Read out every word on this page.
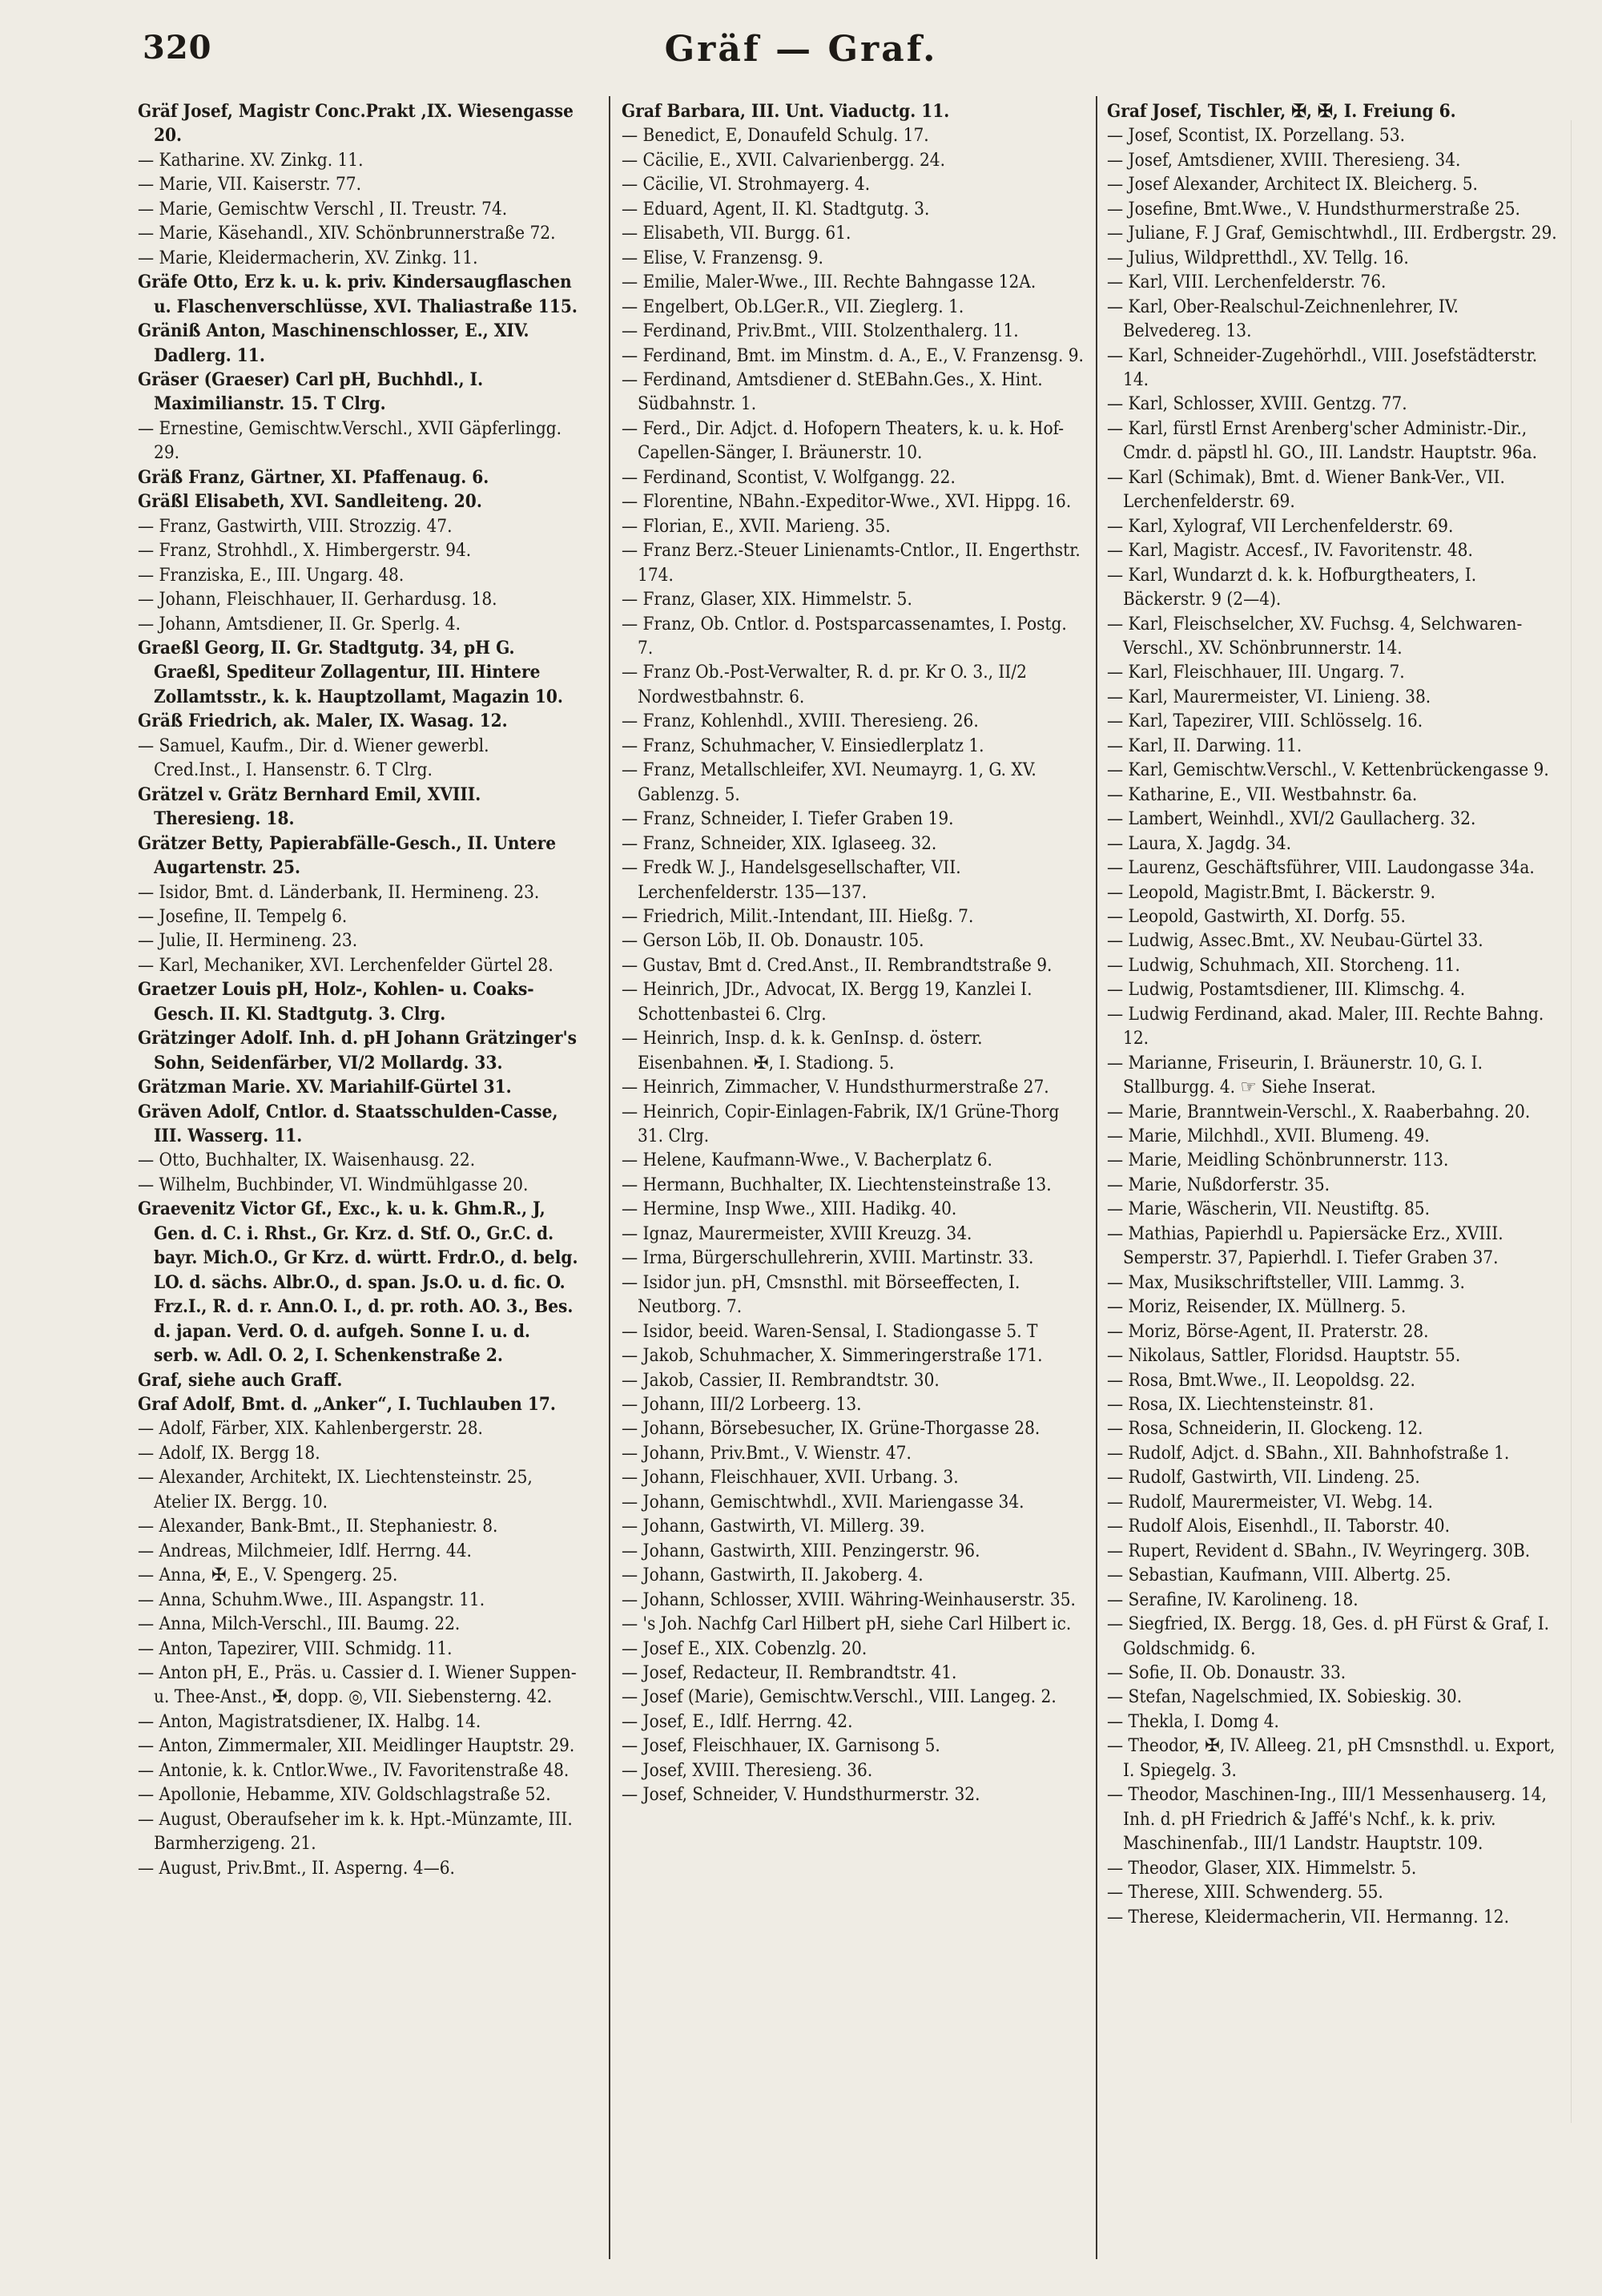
320	Gräf — Graf.

Gräf Josef, Magistr Conc.Prakt ,IX. Wiesengasse 20.

— Katharine. XV. Zinkg. 11.

— Marie, VII. Kaiserstr. 77.

— Marie, Gemischtw Verschl , II. Treustr. 74.

— Marie, Käsehandl., XIV. Schönbrunnerstraße 72.

— Marie, Kleidermacherin, XV. Zinkg. 11.

Gräfe Otto, Erz k. u. k. priv. Kindersaugflaschen u. Flaschenverschlüsse, XVI. Thaliastraße 115.

Gräniß Anton, Maschinenschlosser, E., XIV. Dadlerg. 11.

Gräser (Graeser) Carl pH, Buchhdl., I. Maximilianstr. 15. T Clrg.

— Ernestine, Gemischtw.Verschl., XVII Gäpferlingg. 29.

Gräß Franz, Gärtner, XI. Pfaffenaug. 6.

Gräßl Elisabeth, XVI. Sandleiteng. 20.

— Franz, Gastwirth, VIII. Strozzig. 47.

— Franz, Strohhdl., X. Himbergerstr. 94.

— Franziska, E., III. Ungarg. 48.

— Johann, Fleischhauer, II. Gerhardusg. 18.

— Johann, Amtsdiener, II. Gr. Sperlg. 4.

Graeßl Georg, II. Gr. Stadtgutg. 34, pH G. Graeßl, Spediteur Zollagentur, III. Hintere Zollamtsstr., k. k. Hauptzollamt, Magazin 10.

Gräß Friedrich, ak. Maler, IX. Wasag. 12.

— Samuel, Kaufm., Dir. d. Wiener gewerbl. Cred.Inst., I. Hansenstr. 6. T Clrg.

Grätzel v. Grätz Bernhard Emil, XVIII. Theresieng. 18.

Grätzer Betty, Papierabfälle-Gesch., II. Untere Augartenstr. 25.

— Isidor, Bmt. d. Länderbank, II. Hermineng. 23.

— Josefine, II. Tempelg 6.

— Julie, II. Hermineng. 23.

— Karl, Mechaniker, XVI. Lerchenfelder Gürtel 28.

Graetzer Louis pH, Holz-, Kohlen- u. Coaks-Gesch. II. Kl. Stadtgutg. 3. Clrg.

Grätzinger Adolf. Inh. d. pH Johann Grätzinger's Sohn, Seidenfärber, VI/2 Mollardg. 33.

Grätzman Marie. XV. Mariahilf-Gürtel 31.

Gräven Adolf, Cntlor. d. Staatsschulden-Casse, III. Wasserg. 11.

— Otto, Buchhalter, IX. Waisenhausg. 22.

— Wilhelm, Buchbinder, VI. Windmühlgasse 20.

Graevenitz Victor Gf., Exc., k. u. k. Ghm.R., J, Gen. d. C. i. Rhst., Gr. Krz. d. Stf. O., Gr.C. d. bayr. Mich.O., Gr Krz. d. württ. Frdr.O., d. belg. LO. d. sächs. Albr.O., d. span. Js.O. u. d. fic. O. Frz.I., R. d. r. Ann.O. I., d. pr. roth. AO. 3., Bes. d. japan. Verd. O. d. aufgeh. Sonne I. u. d. serb. w. Adl. O. 2, I. Schenkenstraße 2.

Graf, siehe auch Graff.

Graf Adolf, Bmt. d. „Anker“, I. Tuchlauben 17.

— Adolf, Färber, XIX. Kahlenbergerstr. 28.

— Adolf, IX. Bergg 18.

— Alexander, Architekt, IX. Liechtensteinstr. 25, Atelier IX. Bergg. 10.

— Alexander, Bank-Bmt., II. Stephaniestr. 8.

— Andreas, Milchmeier, Idlf. Herrng. 44.

— Anna, ✠, E., V. Spengerg. 25.

— Anna, Schuhm.Wwe., III. Aspangstr. 11.

— Anna, Milch-Verschl., III. Baumg. 22.

— Anton, Tapezirer, VIII. Schmidg. 11.

— Anton pH, E., Präs. u. Cassier d. I. Wiener Suppen- u. Thee-Anst., ✠, dopp. ◎, VII. Siebensterng. 42.

— Anton, Magistratsdiener, IX. Halbg. 14.

— Anton, Zimmermaler, XII. Meidlinger Hauptstr. 29.

— Antonie, k. k. Cntlor.Wwe., IV. Favoritenstraße 48.

— Apollonie, Hebamme, XIV. Goldschlagstraße 52.

— August, Oberaufseher im k. k. Hpt.-Münzamte, III. Barmherzigeng. 21.

— August, Priv.Bmt., II. Asperng. 4—6.

Graf Barbara, III. Unt. Viaductg. 11.

— Benedict, E, Donaufeld Schulg. 17.

— Cäcilie, E., XVII. Calvarienbergg. 24.

— Cäcilie, VI. Strohmayerg. 4.

— Eduard, Agent, II. Kl. Stadtgutg. 3.

— Elisabeth, VII. Burgg. 61.

— Elise, V. Franzensg. 9.

— Emilie, Maler-Wwe., III. Rechte Bahngasse 12A.

— Engelbert, Ob.LGer.R., VII. Zieglerg. 1.

— Ferdinand, Priv.Bmt., VIII. Stolzenthalerg. 11.

— Ferdinand, Bmt. im Minstm. d. A., E., V. Franzensg. 9.

— Ferdinand, Amtsdiener d. StEBahn.Ges., X. Hint. Südbahnstr. 1.

— Ferd., Dir. Adjct. d. Hofopern Theaters, k. u. k. Hof-Capellen-Sänger, I. Bräunerstr. 10.

— Ferdinand, Scontist, V. Wolfgangg. 22.

— Florentine, NBahn.-Expeditor-Wwe., XVI. Hippg. 16.

— Florian, E., XVII. Marieng. 35.

— Franz Berz.-Steuer Linienamts-Cntlor., II. Engerthstr. 174.

— Franz, Glaser, XIX. Himmelstr. 5.

— Franz, Ob. Cntlor. d. Postsparcassenamtes, I. Postg. 7.

— Franz Ob.-Post-Verwalter, R. d. pr. Kr O. 3., II/2 Nordwestbahnstr. 6.

— Franz, Kohlenhdl., XVIII. Theresieng. 26.

— Franz, Schuhmacher, V. Einsiedlerplatz 1.

— Franz, Metallschleifer, XVI. Neumayrg. 1, G. XV. Gablenzg. 5.

— Franz, Schneider, I. Tiefer Graben 19.

— Franz, Schneider, XIX. Iglaseeg. 32.

— Fredk W. J., Handelsgesellschafter, VII. Lerchenfelderstr. 135—137.

— Friedrich, Milit.-Intendant, III. Hießg. 7.

— Gerson Löb, II. Ob. Donaustr. 105.

— Gustav, Bmt d. Cred.Anst., II. Rembrandtstraße 9.

— Heinrich, JDr., Advocat, IX. Bergg 19, Kanzlei I. Schottenbastei 6. Clrg.

— Heinrich, Insp. d. k. k. GenInsp. d. österr. Eisenbahnen. ✠, I. Stadiong. 5.

— Heinrich, Zimmacher, V. Hundsthurmerstraße 27.

— Heinrich, Copir-Einlagen-Fabrik, IX/1 Grüne-Thorg 31. Clrg.

— Helene, Kaufmann-Wwe., V. Bacherplatz 6.

— Hermann, Buchhalter, IX. Liechtensteinstraße 13.

— Hermine, Insp Wwe., XIII. Hadikg. 40.

— Ignaz, Maurermeister, XVIII Kreuzg. 34.

— Irma, Bürgerschullehrerin, XVIII. Martinstr. 33.

— Isidor jun. pH, Cmsnsthl. mit Börseeffecten, I. Neutborg. 7.

— Isidor, beeid. Waren-Sensal, I. Stadiongasse 5. T

— Jakob, Schuhmacher, X. Simmeringerstraße 171.

— Jakob, Cassier, II. Rembrandtstr. 30.

— Johann, III/2 Lorbeerg. 13.

— Johann, Börsebesucher, IX. Grüne-Thorgasse 28.

— Johann, Priv.Bmt., V. Wienstr. 47.

— Johann, Fleischhauer, XVII. Urbang. 3.

— Johann, Gemischtwhdl., XVII. Mariengasse 34.

— Johann, Gastwirth, VI. Millerg. 39.

— Johann, Gastwirth, XIII. Penzingerstr. 96.

— Johann, Gastwirth, II. Jakoberg. 4.

— Johann, Schlosser, XVIII. Währing-Weinhauserstr. 35.

— 's Joh. Nachfg Carl Hilbert pH, siehe Carl Hilbert ic.

— Josef E., XIX. Cobenzlg. 20.

— Josef, Redacteur, II. Rembrandtstr. 41.

— Josef (Marie), Gemischtw.Verschl., VIII. Langeg. 2.

— Josef, E., Idlf. Herrng. 42.

— Josef, Fleischhauer, IX. Garnisong 5.

— Josef, XVIII. Theresieng. 36.

— Josef, Schneider, V. Hundsthurmerstr. 32.

Graf Josef, Tischler, ✠, ✠, I. Freiung 6.

— Josef, Scontist, IX. Porzellang. 53.

— Josef, Amtsdiener, XVIII. Theresieng. 34.

— Josef Alexander, Architect IX. Bleicherg. 5.

— Josefine, Bmt.Wwe., V. Hundsthurmerstraße 25.

— Juliane, F. J Graf, Gemischtwhdl., III. Erdbergstr. 29.

— Julius, Wildpretthdl., XV. Tellg. 16.

— Karl, VIII. Lerchenfelderstr. 76.

— Karl, Ober-Realschul-Zeichnenlehrer, IV. Belvedereg. 13.

— Karl, Schneider-Zugehörhdl., VIII. Josefstädterstr. 14.

— Karl, Schlosser, XVIII. Gentzg. 77.

— Karl, fürstl Ernst Arenberg'scher Administr.-Dir., Cmdr. d. päpstl hl. GO., III. Landstr. Hauptstr. 96a.

— Karl (Schimak), Bmt. d. Wiener Bank-Ver., VII. Lerchenfelderstr. 69.

— Karl, Xylograf, VII Lerchenfelderstr. 69.

— Karl, Magistr. Accesf., IV. Favoritenstr. 48.

— Karl, Wundarzt d. k. k. Hofburgtheaters, I. Bäckerstr. 9 (2—4).

— Karl, Fleischselcher, XV. Fuchsg. 4, Selchwaren-Verschl., XV. Schönbrunnerstr. 14.

— Karl, Fleischhauer, III. Ungarg. 7.

— Karl, Maurermeister, VI. Linieng. 38.

— Karl, Tapezirer, VIII. Schlösselg. 16.

— Karl, II. Darwing. 11.

— Karl, Gemischtw.Verschl., V. Kettenbrückengasse 9.

— Katharine, E., VII. Westbahnstr. 6a.

— Lambert, Weinhdl., XVI/2 Gaullacherg. 32.

— Laura, X. Jagdg. 34.

— Laurenz, Geschäftsführer, VIII. Laudongasse 34a.

— Leopold, Magistr.Bmt, I. Bäckerstr. 9.

— Leopold, Gastwirth, XI. Dorfg. 55.

— Ludwig, Assec.Bmt., XV. Neubau-Gürtel 33.

— Ludwig, Schuhmach, XII. Storcheng. 11.

— Ludwig, Postamtsdiener, III. Klimschg. 4.

— Ludwig Ferdinand, akad. Maler, III. Rechte Bahng. 12.

— Marianne, Friseurin, I. Bräunerstr. 10, G. I. Stallburgg. 4. ☞ Siehe Inserat.

— Marie, Branntwein-Verschl., X. Raaberbahng. 20.

— Marie, Milchhdl., XVII. Blumeng. 49.

— Marie, Meidling Schönbrunnerstr. 113.

— Marie, Nußdorferstr. 35.

— Marie, Wäscherin, VII. Neustiftg. 85.

— Mathias, Papierhdl u. Papiersäcke Erz., XVIII. Semperstr. 37, Papierhdl. I. Tiefer Graben 37.

— Max, Musikschriftsteller, VIII. Lammg. 3.

— Moriz, Reisender, IX. Müllnerg. 5.

— Moriz, Börse-Agent, II. Praterstr. 28.

— Nikolaus, Sattler, Floridsd. Hauptstr. 55.

— Rosa, Bmt.Wwe., II. Leopoldsg. 22.

— Rosa, IX. Liechtensteinstr. 81.

— Rosa, Schneiderin, II. Glockeng. 12.

— Rudolf, Adjct. d. SBahn., XII. Bahnhofstraße 1.

— Rudolf, Gastwirth, VII. Lindeng. 25.

— Rudolf, Maurermeister, VI. Webg. 14.

— Rudolf Alois, Eisenhdl., II. Taborstr. 40.

— Rupert, Revident d. SBahn., IV. Weyringerg. 30B.

— Sebastian, Kaufmann, VIII. Albertg. 25.

— Serafine, IV. Karolineng. 18.

— Siegfried, IX. Bergg. 18, Ges. d. pH Fürst & Graf, I. Goldschmidg. 6.

— Sofie, II. Ob. Donaustr. 33.

— Stefan, Nagelschmied, IX. Sobieskig. 30.

— Thekla, I. Domg 4.

— Theodor, ✠, IV. Alleeg. 21, pH Cmsnsthdl. u. Export, I. Spiegelg. 3.

— Theodor, Maschinen-Ing., III/1 Messenhauserg. 14, Inh. d. pH Friedrich & Jaffé's Nchf., k. k. priv. Maschinenfab., III/1 Landstr. Hauptstr. 109.

— Theodor, Glaser, XIX. Himmelstr. 5.

— Therese, XIII. Schwenderg. 55.

— Therese, Kleidermacherin, VII. Hermanng. 12.
